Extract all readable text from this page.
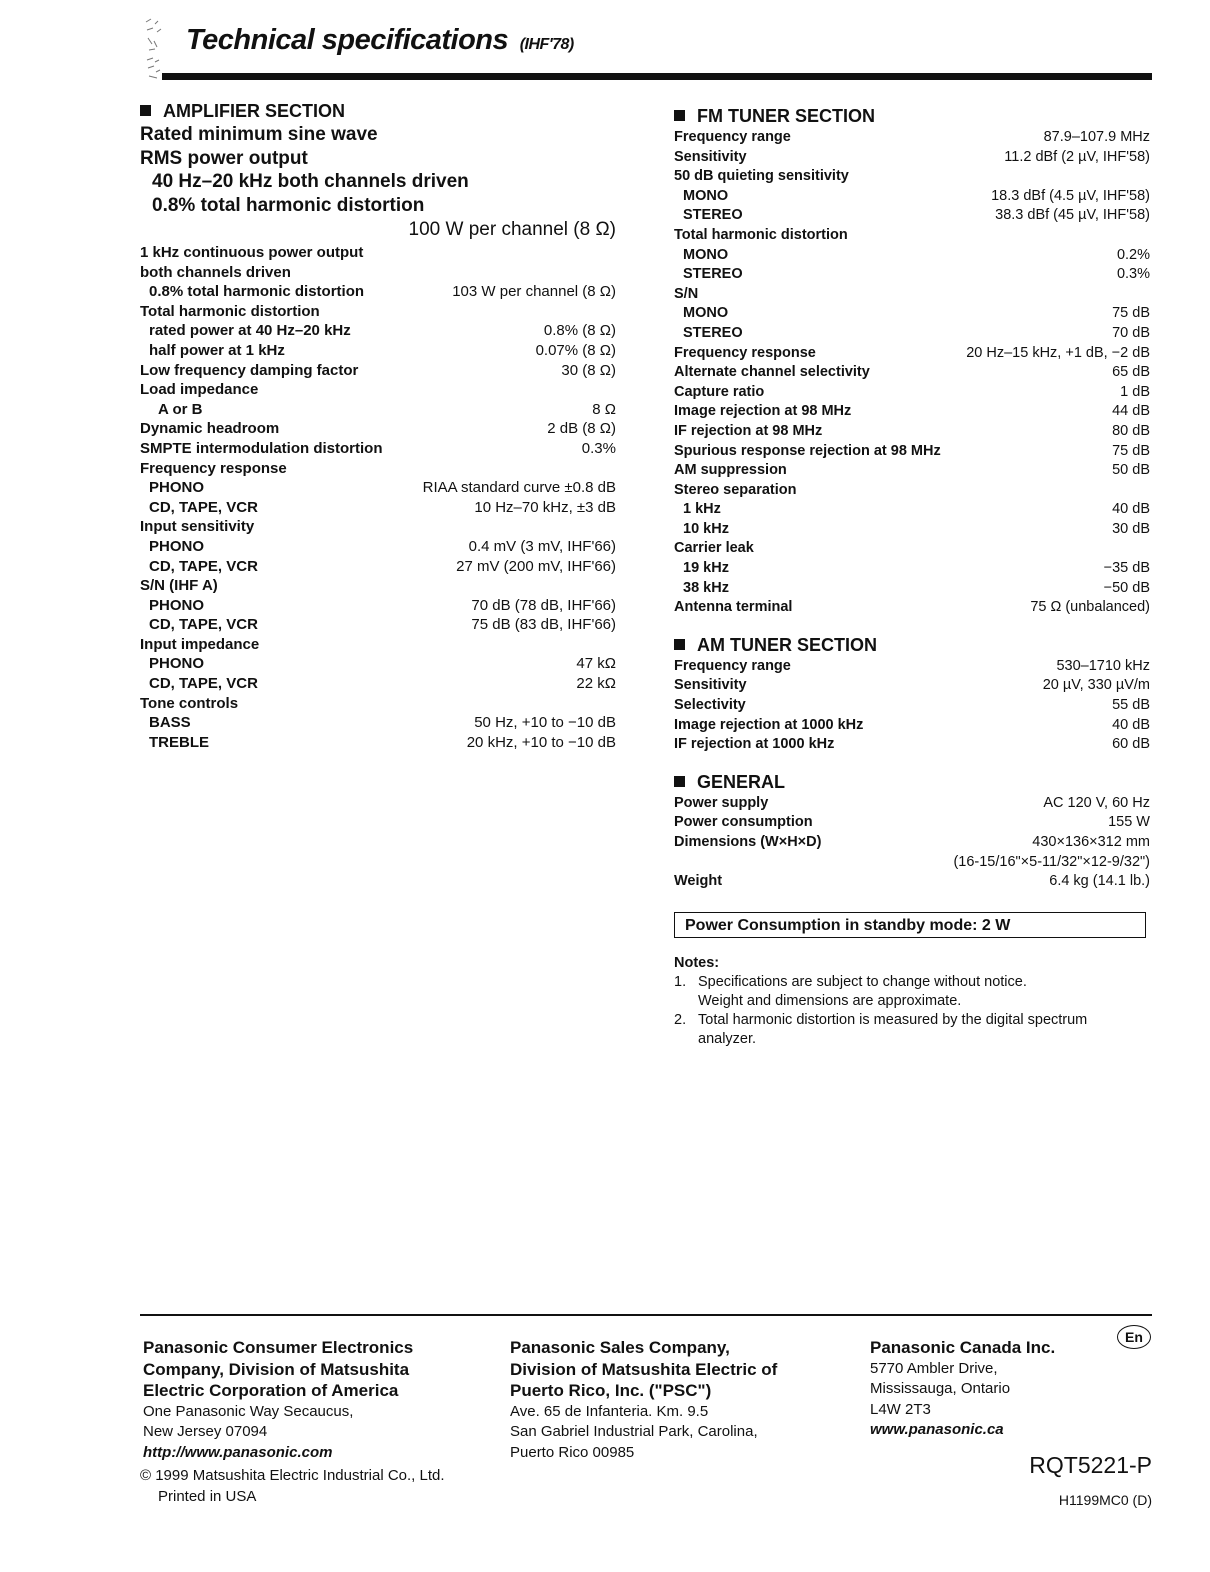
Technical specifications (IHF'78)
AMPLIFIER SECTION
Rated minimum sine wave
RMS power output
40 Hz–20 kHz both channels driven
0.8% total harmonic distortion
100 W per channel (8 Ω)
1 kHz continuous power output
both channels driven
0.8% total harmonic distortion	103 W per channel (8 Ω)
Total harmonic distortion
rated power at 40 Hz–20 kHz	0.8% (8 Ω)
half power at 1 kHz	0.07% (8 Ω)
Low frequency damping factor	30 (8 Ω)
Load impedance
A or B	8 Ω
Dynamic headroom	2 dB (8 Ω)
SMPTE intermodulation distortion	0.3%
Frequency response
PHONO	RIAA standard curve ±0.8 dB
CD, TAPE, VCR	10 Hz–70 kHz, ±3 dB
Input sensitivity
PHONO	0.4 mV (3 mV, IHF'66)
CD, TAPE, VCR	27 mV (200 mV, IHF'66)
S/N (IHF A)
PHONO	70 dB (78 dB, IHF'66)
CD, TAPE, VCR	75 dB (83 dB, IHF'66)
Input impedance
PHONO	47 kΩ
CD, TAPE, VCR	22 kΩ
Tone controls
BASS	50 Hz, +10 to −10 dB
TREBLE	20 kHz, +10 to −10 dB
FM TUNER SECTION
Frequency range	87.9–107.9 MHz
Sensitivity	11.2 dBf (2 µV, IHF'58)
50 dB quieting sensitivity
MONO	18.3 dBf (4.5 µV, IHF'58)
STEREO	38.3 dBf (45 µV, IHF'58)
Total harmonic distortion
MONO	0.2%
STEREO	0.3%
S/N
MONO	75 dB
STEREO	70 dB
Frequency response	20 Hz–15 kHz, +1 dB, −2 dB
Alternate channel selectivity	65 dB
Capture ratio	1 dB
Image rejection at 98 MHz	44 dB
IF rejection at 98 MHz	80 dB
Spurious response rejection at 98 MHz	75 dB
AM suppression	50 dB
Stereo separation
1 kHz	40 dB
10 kHz	30 dB
Carrier leak
19 kHz	−35 dB
38 kHz	−50 dB
Antenna terminal	75 Ω (unbalanced)
AM TUNER SECTION
Frequency range	530–1710 kHz
Sensitivity	20 µV, 330 µV/m
Selectivity	55 dB
Image rejection at 1000 kHz	40 dB
IF rejection at 1000 kHz	60 dB
GENERAL
Power supply	AC 120 V, 60 Hz
Power consumption	155 W
Dimensions (W×H×D)	430×136×312 mm
(16-15/16"×5-11/32"×12-9/32")
Weight	6.4 kg (14.1 lb.)
Power Consumption in standby mode: 2 W
Notes:
1. Specifications are subject to change without notice.
Weight and dimensions are approximate.
2. Total harmonic distortion is measured by the digital spectrum
analyzer.
Panasonic Consumer Electronics
Company, Division of Matsushita
Electric Corporation of America
One Panasonic Way Secaucus,
New Jersey 07094
http://www.panasonic.com
Panasonic Sales Company,
Division of Matsushita Electric of
Puerto Rico, Inc. ("PSC")
Ave. 65 de Infanteria. Km. 9.5
San Gabriel Industrial Park, Carolina,
Puerto Rico 00985
Panasonic Canada Inc.
5770 Ambler Drive,
Mississauga, Ontario
L4W 2T3
www.panasonic.ca
En
© 1999 Matsushita Electric Industrial Co., Ltd.
Printed in USA
RQT5221-P
H1199MC0 (D)
